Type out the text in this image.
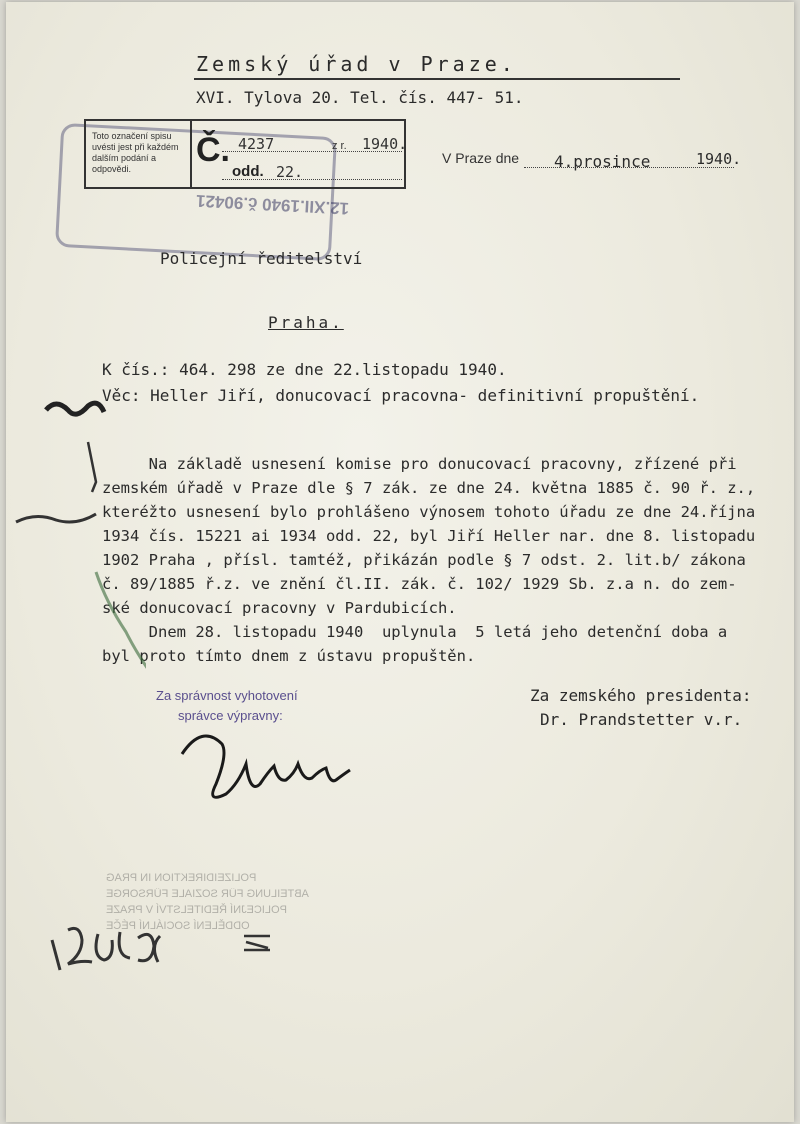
Zemský úřad v Praze.
XVI. Tylova 20. Tel. čís. 447- 51.
12.XII.1940 č.90421
Toto označení spisu uvésti jest při každém dalším podání a odpovědi.	Č. 4237	z r. 1940.
odd. 22.
V Praze dne 4.prosince	1940.
Policejní ředitelství
Praha.
K čís.: 464. 298 ze dne 22.listopadu 1940.
Věc: Heller Jiří, donucovací pracovna- definitivní propuštění.
Na základě usnesení komise pro donucovací pracovny, zřízené při
zemském úřadě v Praze dle § 7 zák. ze dne 24. května 1885 č. 90 ř. z.,
kteréžto usnesení bylo prohlášeno výnosem tohoto úřadu ze dne 24.října
1934 čís. 15221 ai 1934 odd. 22, byl Jiří Heller nar. dne 8. listopadu
1902 Praha , přísl. tamtéž, přikázán podle § 7 odst. 2. lit.b/ zákona
č. 89/1885 ř.z. ve znění čl.II. zák. č. 102/ 1929 Sb. z.a n. do zem-
ské donucovací pracovny v Pardubicích.
Dnem 28. listopadu 1940  uplynula  5 letá jeho detenční doba a
byl proto tímto dnem z ústavu propuštěn.
Za správnost vyhotovení
správce výpravny:
Za zemského presidenta:
Dr. Prandstetter v.r.
POLIZEIDIREKTION IN PRAG
ABTEILUNG FÜR SOZIALE FÜRSORGE
POLICEJNÍ ŘEDITELSTVÍ V PRAZE
ODDĚLENÍ SOCIÁLNÍ PÉČE
